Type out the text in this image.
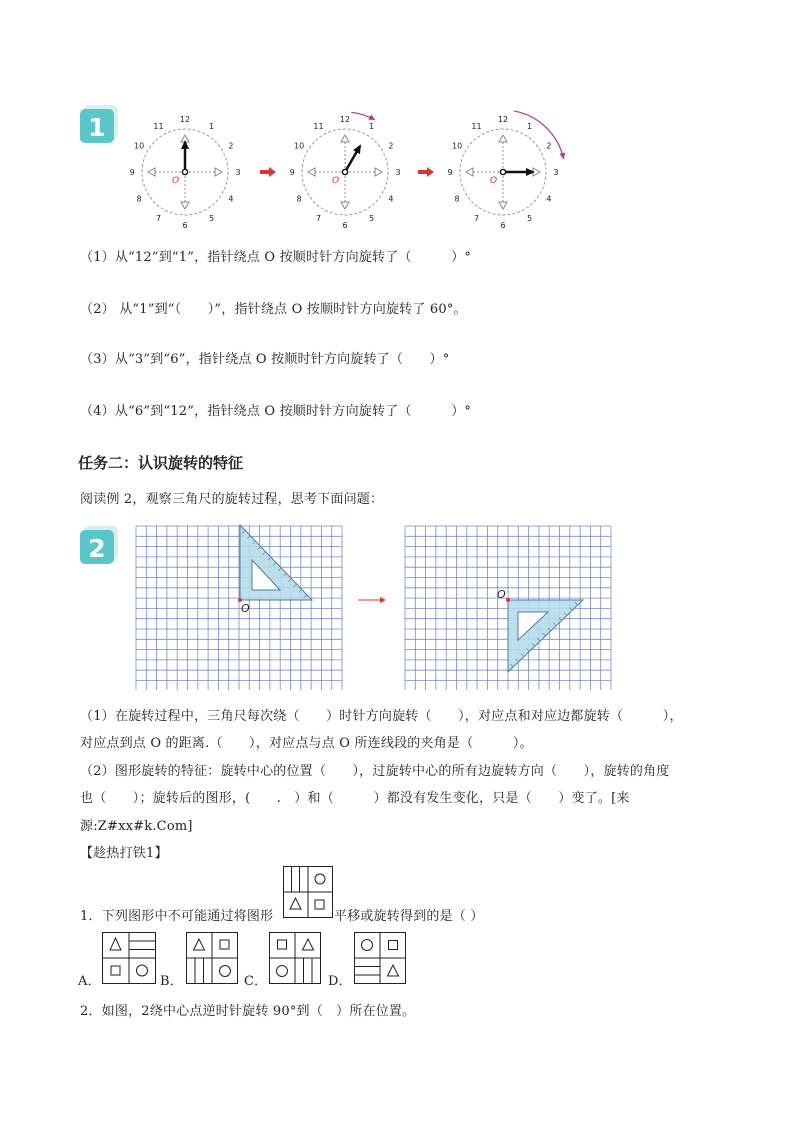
1	12
1
2
3
4
5
6
7
8
9
10
11
O
12
1
2
3
4
5
6
7
8
9
10
11
O
12
1
2
3
4
5
6
7
8
9
10
11
O
（1）从“12”到“1”，指针绕点 O 按顺时针方向旋转了（　　　）°
（2） 从“1”到“（　　）”，指针绕点 O 按顺时针方向旋转了 60°。
（3）从“3”到“6”，指针绕点 O 按顺时针方向旋转了（　　）°
（4）从“6”到“12”，指针绕点 O 按顺时针方向旋转了（　　　）°
任务二：认识旋转的特征
阅读例 2，观察三角尺的旋转过程，思考下面问题：
2
O
O
（1）在旋转过程中，三角尺每次绕（　　）时针方向旋转（　　），对应点和对应边都旋转（　　　），
对应点到点 O 的距离.（　　），对应点与点 O 所连线段的夹角是（　　　）。
（2）图形旋转的特征：旋转中心的位置（　　），过旋转中心的所有边旋转方向（　　），旋转的角度
也（　　）；旋转后的图形，(　　.　）和（　　　）都没有发生变化，只是（　　）变了。[来
源:Z#xx#k.Com]
【趁热打铁1】
1．下列图形中不可能通过将图形	平移或旋转得到的是（ ）
A．	B．	C．	D．
2．如图，2绕中心点逆时针旋转 90°到（　）所在位置。
